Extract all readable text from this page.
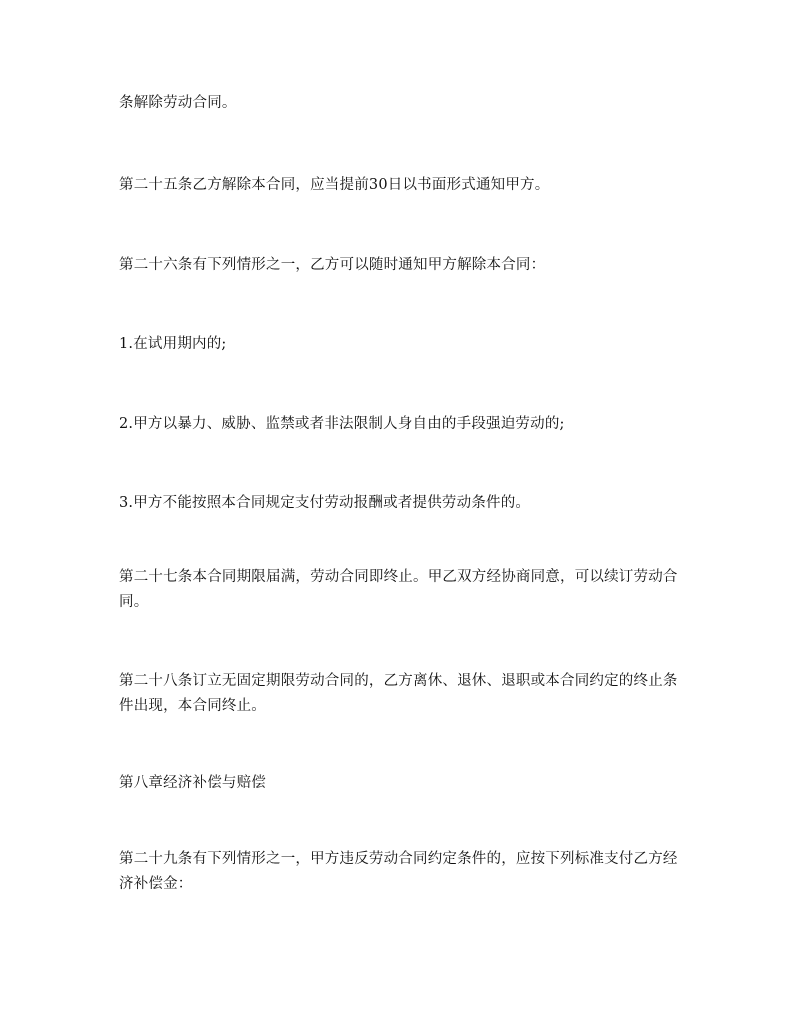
条解除劳动合同。

第二十五条乙方解除本合同，应当提前30日以书面形式通知甲方。

第二十六条有下列情形之一，乙方可以随时通知甲方解除本合同：

1.在试用期内的;

2.甲方以暴力、威胁、监禁或者非法限制人身自由的手段强迫劳动的;

3.甲方不能按照本合同规定支付劳动报酬或者提供劳动条件的。

第二十七条本合同期限届满，劳动合同即终止。甲乙双方经协商同意，可以续订劳动合同。

第二十八条订立无固定期限劳动合同的，乙方离休、退休、退职或本合同约定的终止条件出现，本合同终止。

第八章经济补偿与赔偿

第二十九条有下列情形之一，甲方违反劳动合同约定条件的，应按下列标准支付乙方经济补偿金：
